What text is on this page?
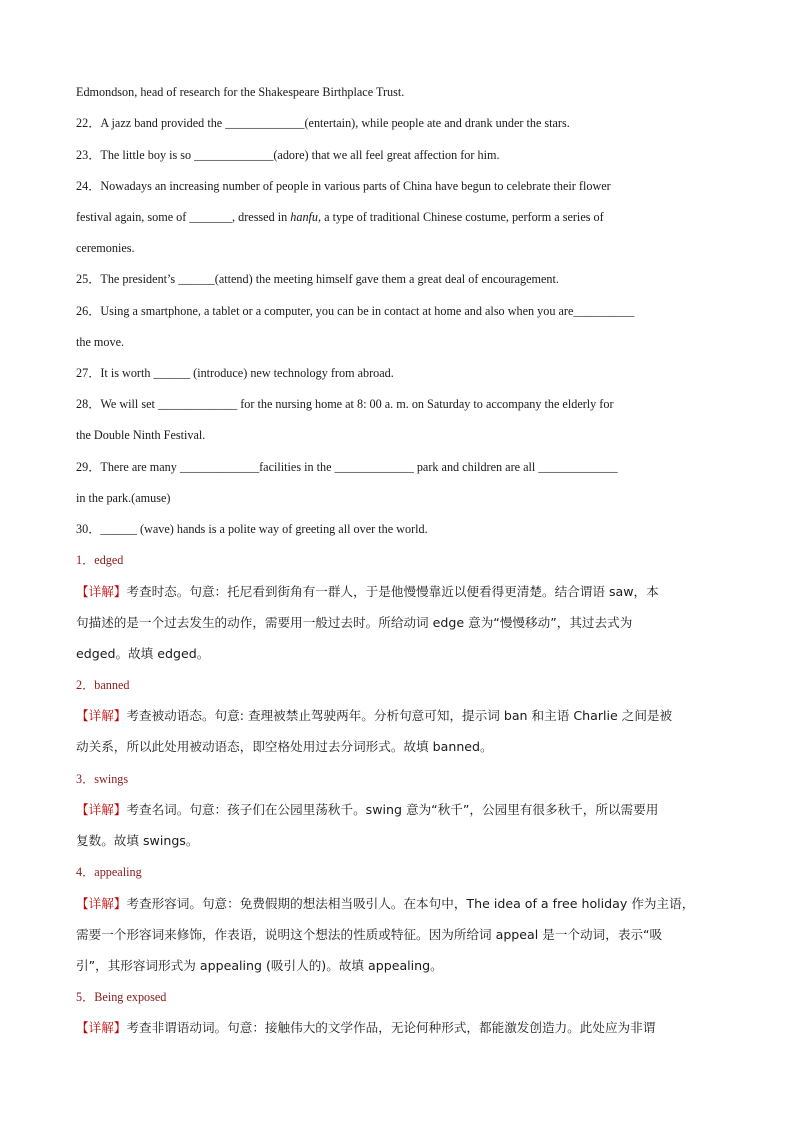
Edmondson, head of research for the Shakespeare Birthplace Trust.
22．A jazz band provided the _____________(entertain), while people ate and drank under the stars.
23．The little boy is so _____________(adore) that we all feel great affection for him.
24．Nowadays an increasing number of people in various parts of China have begun to celebrate their flower
festival again, some of _______, dressed in hanfu, a type of traditional Chinese costume, perform a series of
ceremonies.
25．The president’s ______(attend) the meeting himself gave them a great deal of encouragement.
26．Using a smartphone, a tablet or a computer, you can be in contact at home and also when you are__________
the move.
27．It is worth ______ (introduce) new technology from abroad.
28．We will set _____________ for the nursing home at 8: 00 a. m. on Saturday to accompany the elderly for
the Double Ninth Festival.
29．There are many _____________facilities in the _____________ park and children are all _____________
in the park.(amuse)
30．______ (wave) hands is a polite way of greeting all over the world.
1．edged
【详解】考查时态。句意：托尼看到街角有一群人，于是他慢慢靠近以便看得更清楚。结合谓语 saw，本
句描述的是一个过去发生的动作，需要用一般过去时。所给动词 edge 意为“慢慢移动”，其过去式为
edged。故填 edged。
2．banned
【详解】考查被动语态。句意: 查理被禁止驾驶两年。分析句意可知，提示词 ban 和主语 Charlie 之间是被
动关系，所以此处用被动语态，即空格处用过去分词形式。故填 banned。
3．swings
【详解】考查名词。句意：孩子们在公园里荡秋千。swing 意为“秋千”，公园里有很多秋千，所以需要用
复数。故填 swings。
4．appealing
【详解】考查形容词。句意：免费假期的想法相当吸引人。在本句中，The idea of a free holiday 作为主语，
需要一个形容词来修饰，作表语，说明这个想法的性质或特征。因为所给词 appeal 是一个动词，表示“吸
引”，其形容词形式为 appealing (吸引人的)。故填 appealing。
5．Being exposed
【详解】考查非谓语动词。句意：接触伟大的文学作品，无论何种形式，都能激发创造力。此处应为非谓
